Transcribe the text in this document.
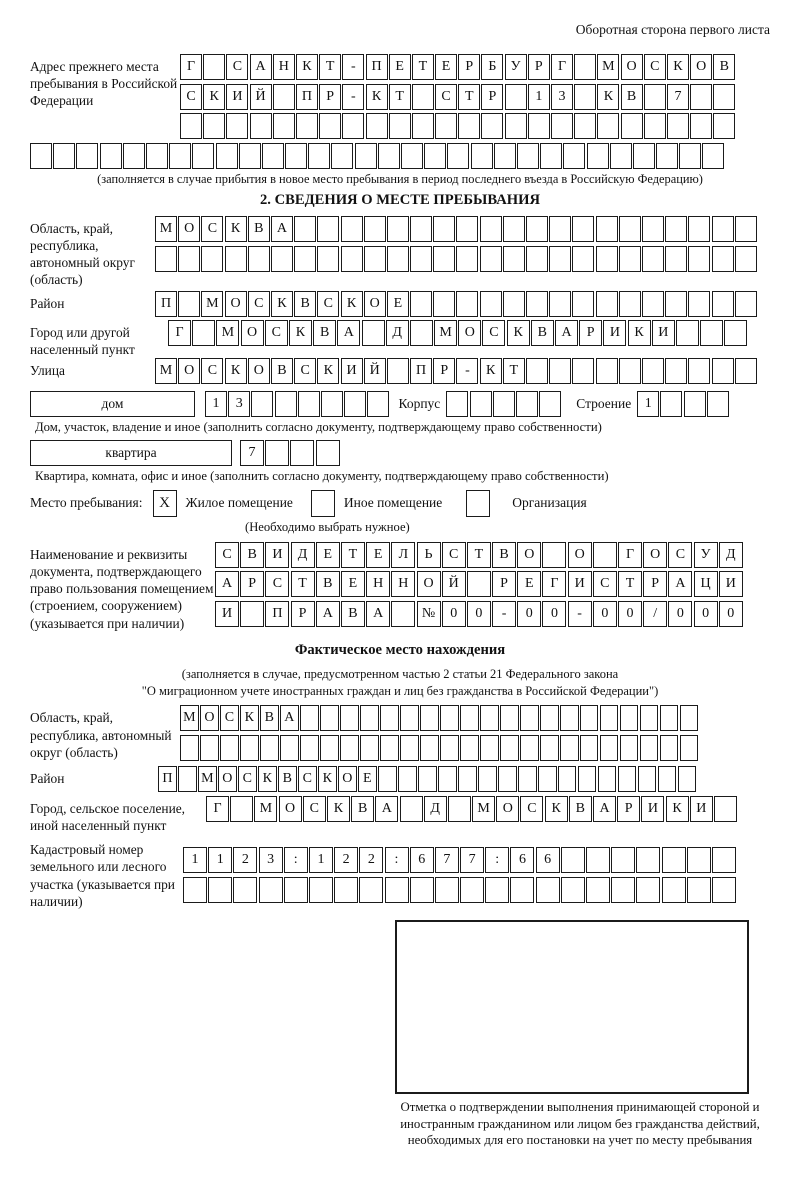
Оборотная сторона первого листа
Адрес прежнего места пребывания в Российской Федерации
Г	С А Н К	Т	-	П Е	Т	Е	Р	Б	У	Р	Г	М О С К О В
С К И Й	П	Р	-	К	Т	С	Т	Р	1	3	К В	7
(заполняется в случае прибытия в новое место пребывания в период последнего въезда в Российскую Федерацию)
2. СВЕДЕНИЯ О МЕСТЕ ПРЕБЫВАНИЯ
Область, край, республика, автономный округ (область)
М О С К В А
Район	П	М О С К В С К О Е
Город или другой населенный пункт
Г	М О	С	К	В	А	Д	М О	С	К	В	А	Р	И	К	И
Улица	М О С К О В С К И Й	П	Р	-	К	Т
дом	1	3	Корпус	Строение 1
Дом, участок, владение и иное (заполнить согласно документу, подтверждающему право собственности)
квартира	7
Квартира, комната, офис и иное (заполнить согласно документу, подтверждающему право собственности)
Место пребывания:	X	Жилое помещение	Иное помещение	Организация
(Необходимо выбрать нужное)
Наименование и реквизиты документа, подтверждающего право пользования помещением (строением, сооружением) (указывается при наличии)
С	В	И	Д	Е	Т	Е	Л	Ь	С	Т	В	О	О	Г	О	С	У	Д
А	Р	С	Т	В	Е	Н	Н	О	Й	Р	Е	Г	И	С	Т	Р	А	Ц	И
И	П	Р	А	В	А	№	0	0	-	0	0	-	0	0	/	0	0	0
Фактическое место нахождения
(заполняется в случае, предусмотренном частью 2 статьи 21 Федерального закона
"О миграционном учете иностранных граждан и лиц без гражданства в Российской Федерации")
Область, край, республика, автономный округ (область)
М О С К В А
Район	П	М О С К В С К О Е
Город, сельское поселение, иной населенный пункт
Г	М О	С	К	В	А	Д	М О	С	К	В	А	Р	И	К	И
Кадастровый номер земельного или лесного участка (указывается при наличии)
1	1	2	3	:	1	2	2	:	6	7	7	:	6	6
Отметка о подтверждении выполнения принимающей стороной и иностранным гражданином или лицом без гражданства действий, необходимых для его постановки на учет по месту пребывания
